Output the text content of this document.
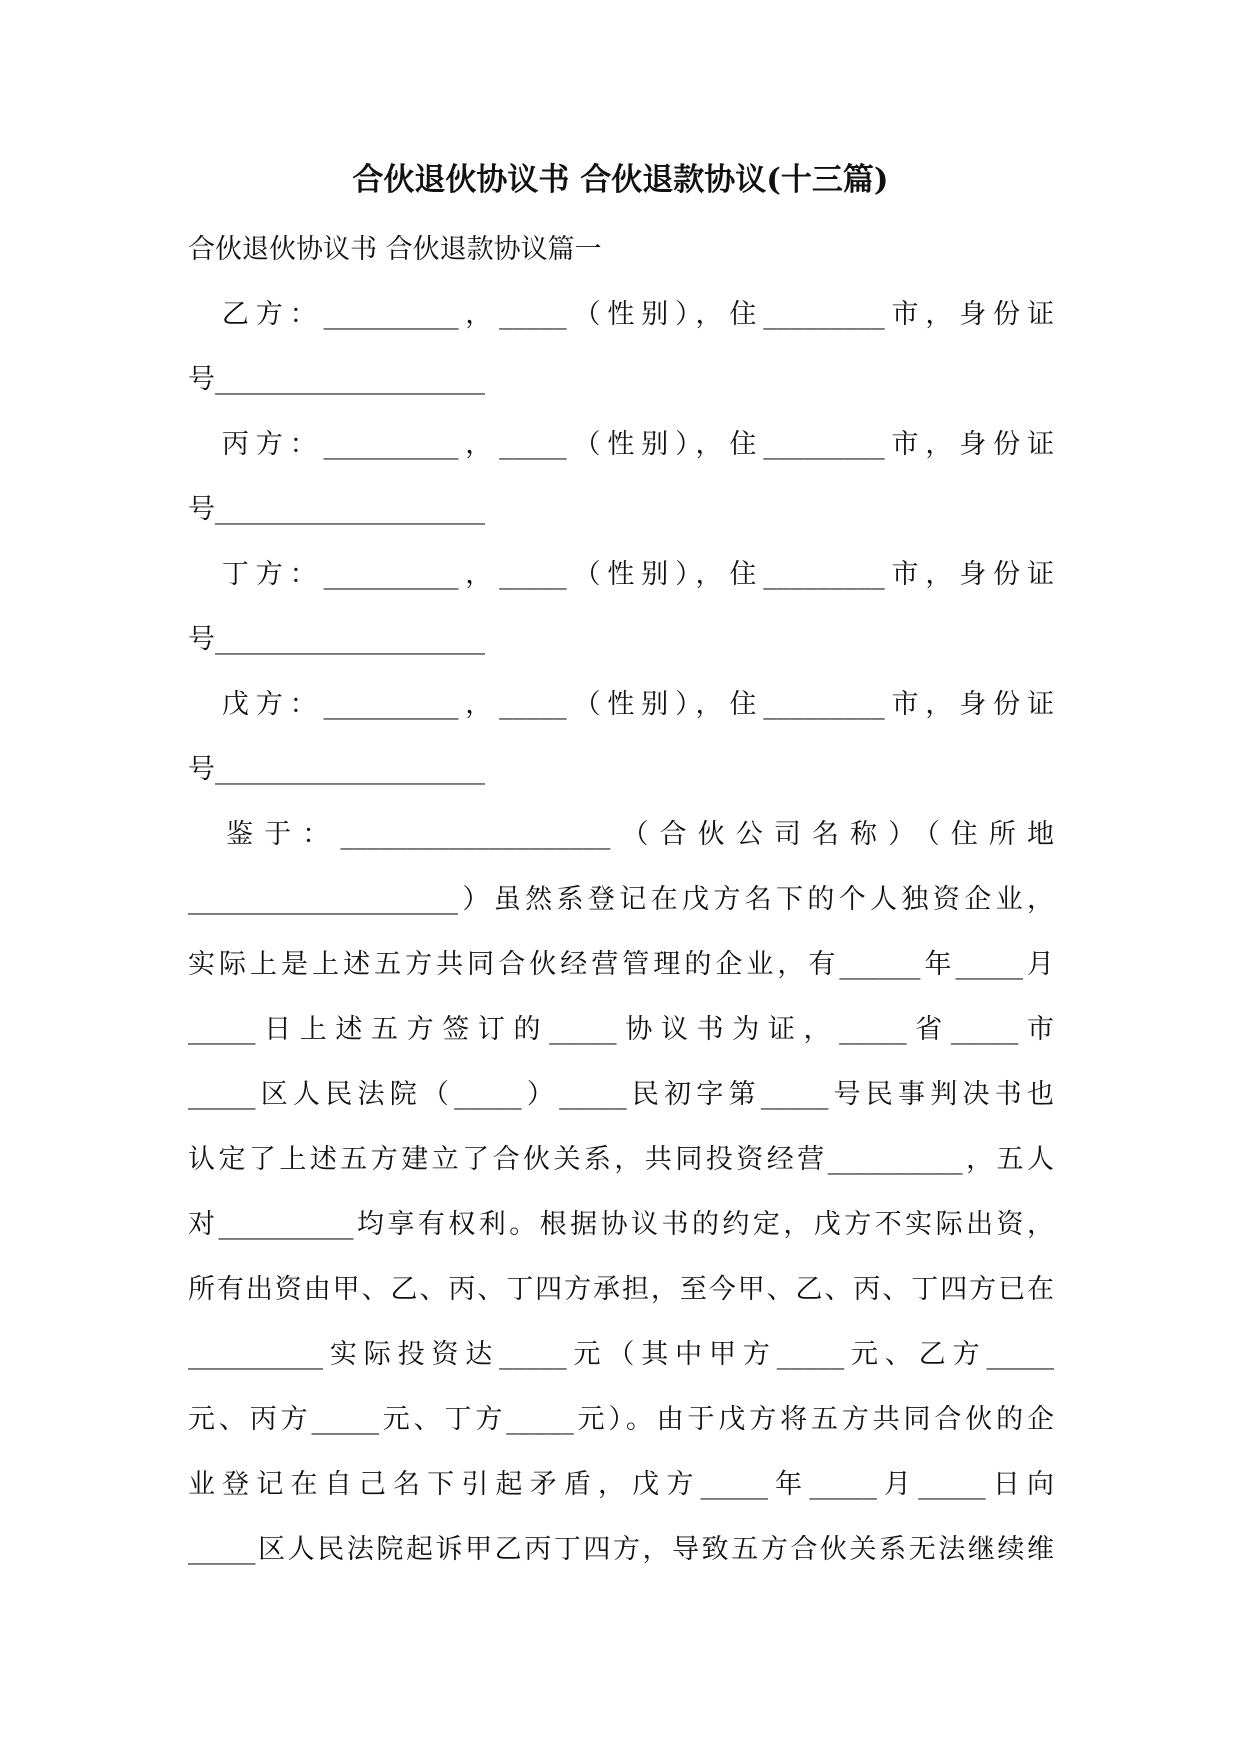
合伙退伙协议书 合伙退款协议(十三篇)
合伙退伙协议书 合伙退款协议篇一
　乙方：__________，_____（性别），住_________市，身份证
号____________________
　丙方：__________，_____（性别），住_________市，身份证
号____________________
　丁方：__________，_____（性别），住_________市，身份证
号____________________
　戊方：__________，_____（性别），住_________市，身份证
号____________________
　鉴于：____________________（合伙公司名称）（住所地
____________________）虽然系登记在戊方名下的个人独资企业，
实际上是上述五方共同合伙经营管理的企业，有______年_____月
_____日上述五方签订的_____协议书为证，_____省_____市
_____区人民法院（_____）_____民初字第_____号民事判决书也
认定了上述五方建立了合伙关系，共同投资经营__________，五人
对__________均享有权利。根据协议书的约定，戊方不实际出资，
所有出资由甲、乙、丙、丁四方承担，至今甲、乙、丙、丁四方已在
__________实际投资达_____元（其中甲方_____元、乙方_____
元、丙方_____元、丁方_____元）。由于戊方将五方共同合伙的企
业登记在自己名下引起矛盾，戊方_____年_____月_____日向
_____区人民法院起诉甲乙丙丁四方，导致五方合伙关系无法继续维
